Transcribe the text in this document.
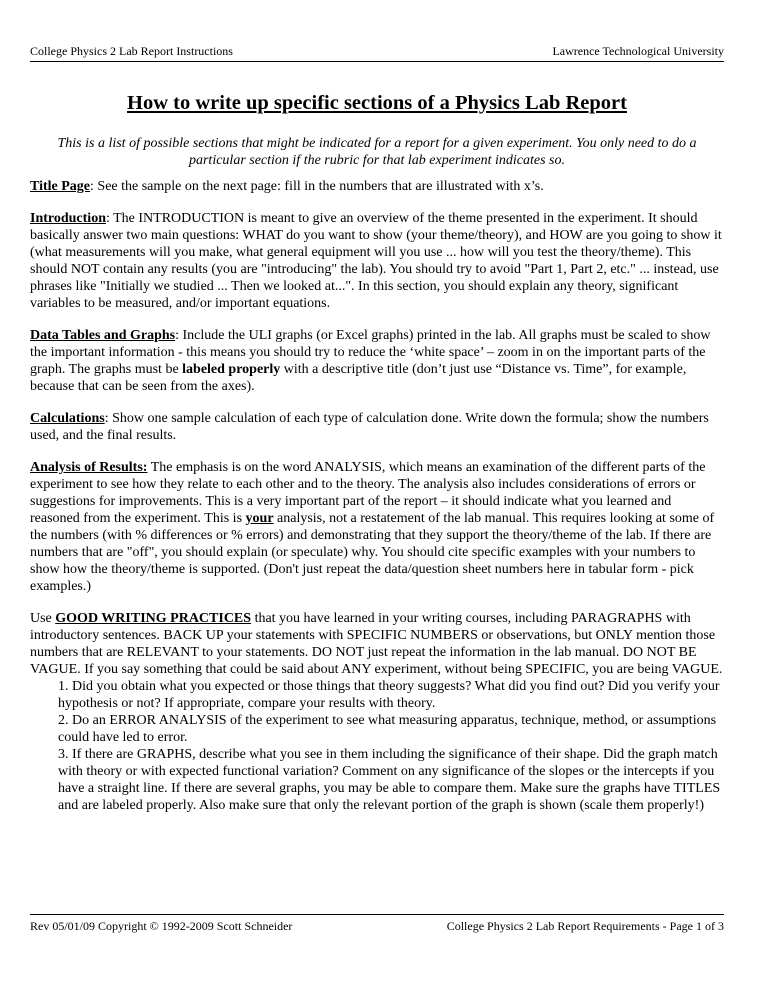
College Physics 2 Lab Report Instructions	Lawrence Technological University
How to write up specific sections of a Physics Lab Report
This is a list of possible sections that might be indicated for a report for a given experiment. You only need to do a particular section if the rubric for that lab experiment indicates so.

Title Page: See the sample on the next page: fill in the numbers that are illustrated with x’s.

Introduction: The INTRODUCTION is meant to give an overview of the theme presented in the experiment. It should basically answer two main questions: WHAT do you want to show (your theme/theory), and HOW are you going to show it (what measurements will you make, what general equipment will you use ... how will you test the theory/theme). This should NOT contain any results (you are "introducing" the lab). You should try to avoid "Part 1, Part 2, etc." ... instead, use phrases like "Initially we studied ... Then we looked at...". In this section, you should explain any theory, significant variables to be measured, and/or important equations.

Data Tables and Graphs: Include the ULI graphs (or Excel graphs) printed in the lab. All graphs must be scaled to show the important information - this means you should try to reduce the ‘white space’ – zoom in on the important parts of the graph. The graphs must be labeled properly with a descriptive title (don’t just use “Distance vs. Time”, for example, because that can be seen from the axes).

Calculations: Show one sample calculation of each type of calculation done. Write down the formula; show the numbers used, and the final results.

Analysis of Results: The emphasis is on the word ANALYSIS, which means an examination of the different parts of the experiment to see how they relate to each other and to the theory. The analysis also includes considerations of errors or suggestions for improvements. This is a very important part of the report – it should indicate what you learned and reasoned from the experiment. This is your analysis, not a restatement of the lab manual. This requires looking at some of the numbers (with % differences or % errors) and demonstrating that they support the theory/theme of the lab. If there are numbers that are "off", you should explain (or speculate) why. You should cite specific examples with your numbers to show how the theory/theme is supported. (Don't just repeat the data/question sheet numbers here in tabular form - pick examples.)

Use GOOD WRITING PRACTICES that you have learned in your writing courses, including PARAGRAPHS with introductory sentences. BACK UP your statements with SPECIFIC NUMBERS or observations, but ONLY mention those numbers that are RELEVANT to your statements. DO NOT just repeat the information in the lab manual. DO NOT BE VAGUE. If you say something that could be said about ANY experiment, without being SPECIFIC, you are being VAGUE.

1. Did you obtain what you expected or those things that theory suggests? What did you find out? Did you verify your hypothesis or not? If appropriate, compare your results with theory.

2. Do an ERROR ANALYSIS of the experiment to see what measuring apparatus, technique, method, or assumptions could have led to error.

3. If there are GRAPHS, describe what you see in them including the significance of their shape. Did the graph match with theory or with expected functional variation? Comment on any significance of the slopes or the intercepts if you have a straight line. If there are several graphs, you may be able to compare them. Make sure the graphs have TITLES and are labeled properly. Also make sure that only the relevant portion of the graph is shown (scale them properly!)

Rev 05/01/09 Copyright © 1992-2009 Scott Schneider	College Physics 2 Lab Report Requirements - Page 1 of 3
